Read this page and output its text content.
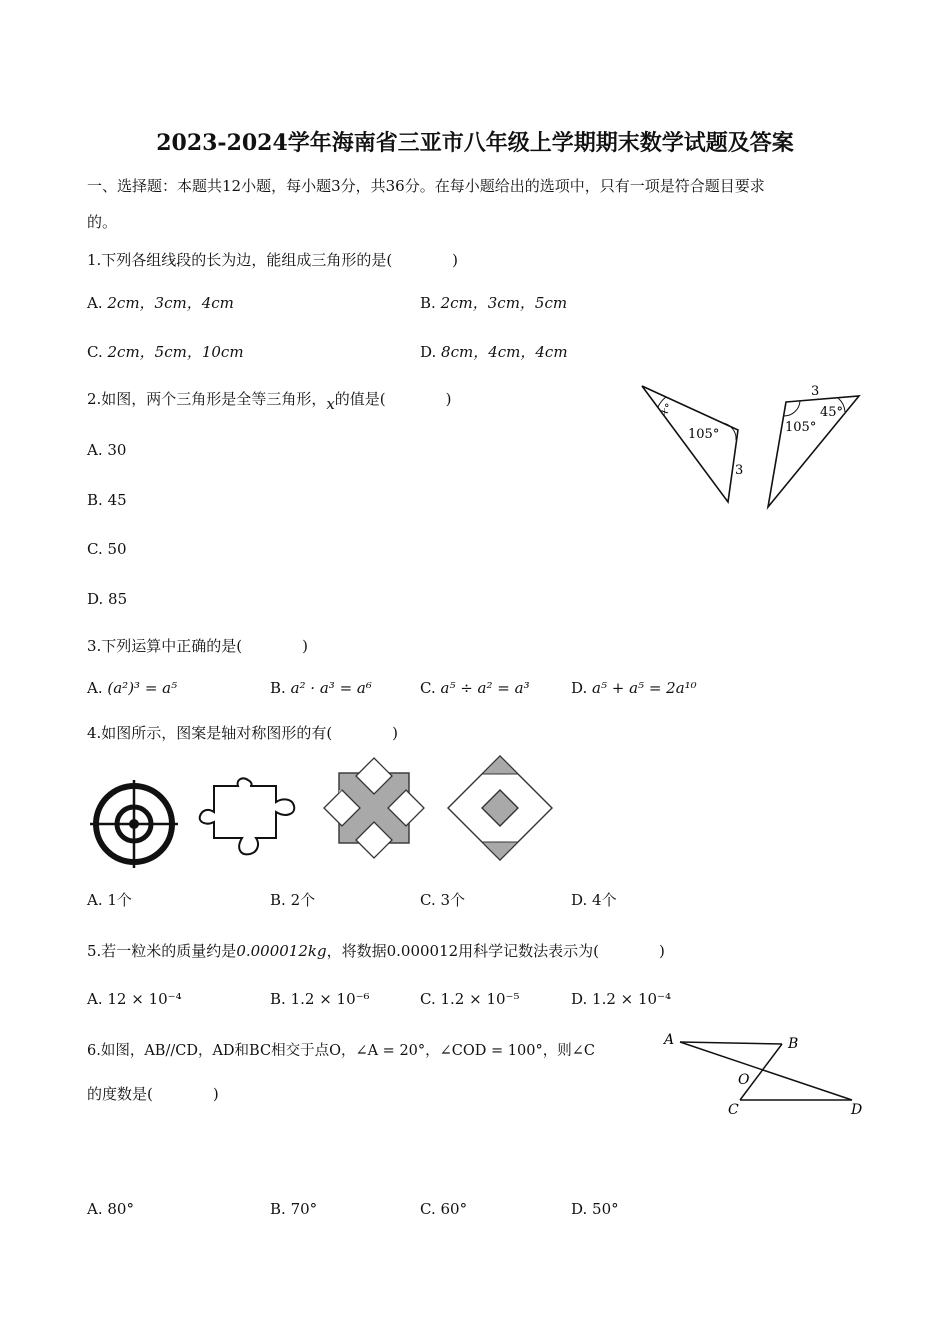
2023-2024学年海南省三亚市八年级上学期期末数学试题及答案
一、选择题：本题共12小题，每小题3分，共36分。在每小题给出的选项中，只有一项是符合题目要求
的。
1.下列各组线段的长为边，能组成三角形的是(　　　　)
A. 2cm，3cm，4cm	B. 2cm，3cm，5cm
C. 2cm，5cm，10cm	D. 8cm，4cm，4cm
2.如图，两个三角形是全等三角形，x的值是(　　　　)
A. 30
B. 45
C. 50
D. 85
x°
105°
3
3
105°
45°
3.下列运算中正确的是(　　　　)
A. (a²)³ = a⁵	B. a² · a³ = a⁶	C. a⁵ ÷ a² = a³	D. a⁵ + a⁵ = 2a¹⁰
4.如图所示，图案是轴对称图形的有(　　　　)
A. 1个	B. 2个	C. 3个	D. 4个
5.若一粒米的质量约是0.000012kg，将数据0.000012用科学记数法表示为(　　　　)
A. 12 × 10⁻⁴	B. 1.2 × 10⁻⁶	C. 1.2 × 10⁻⁵	D. 1.2 × 10⁻⁴
6.如图，AB//CD，AD和BC相交于点O，∠A = 20°，∠COD = 100°，则∠C
的度数是(　　　　)
A	B
O
C	D
A. 80°	B. 70°	C. 60°	D. 50°
